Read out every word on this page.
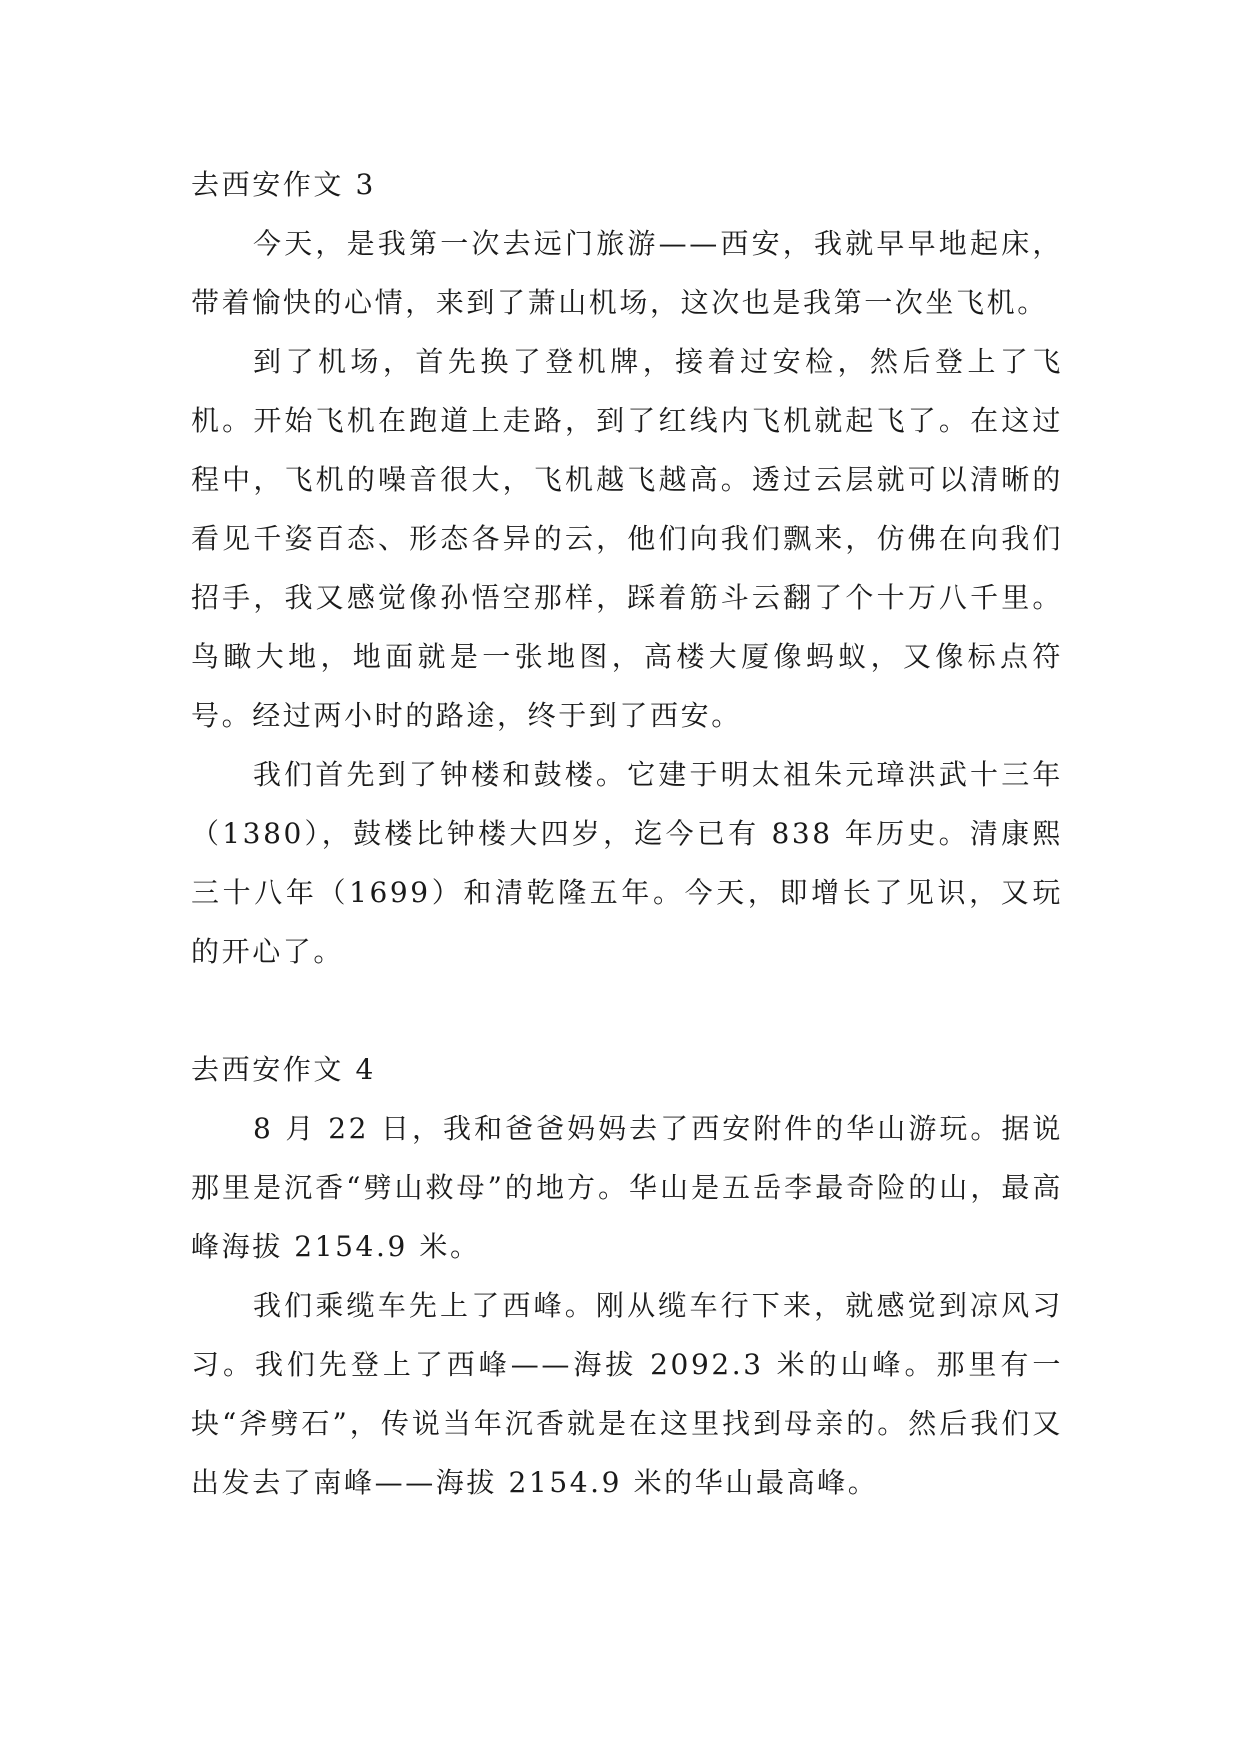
去西安作文 3

今天，是我第一次去远门旅游——西安，我就早早地起床，带着愉快的心情，来到了萧山机场，这次也是我第一次坐飞机。

到了机场，首先换了登机牌，接着过安检，然后登上了飞机。开始飞机在跑道上走路，到了红线内飞机就起飞了。在这过程中，飞机的噪音很大，飞机越飞越高。透过云层就可以清晰的看见千姿百态、形态各异的云，他们向我们飘来，仿佛在向我们招手，我又感觉像孙悟空那样，踩着筋斗云翻了个十万八千里。鸟瞰大地，地面就是一张地图，高楼大厦像蚂蚁，又像标点符号。经过两小时的路途，终于到了西安。

我们首先到了钟楼和鼓楼。它建于明太祖朱元璋洪武十三年（1380），鼓楼比钟楼大四岁，迄今已有 838 年历史。清康熙三十八年（1699）和清乾隆五年。今天，即增长了见识，又玩的开心了。

去西安作文 4

8 月 22 日，我和爸爸妈妈去了西安附件的华山游玩。据说那里是沉香“劈山救母”的地方。华山是五岳李最奇险的山，最高峰海拔 2154.9 米。

我们乘缆车先上了西峰。刚从缆车行下来，就感觉到凉风习习。我们先登上了西峰——海拔 2092.3 米的山峰。那里有一块“斧劈石”，传说当年沉香就是在这里找到母亲的。然后我们又出发去了南峰——海拔 2154.9 米的华山最高峰。
